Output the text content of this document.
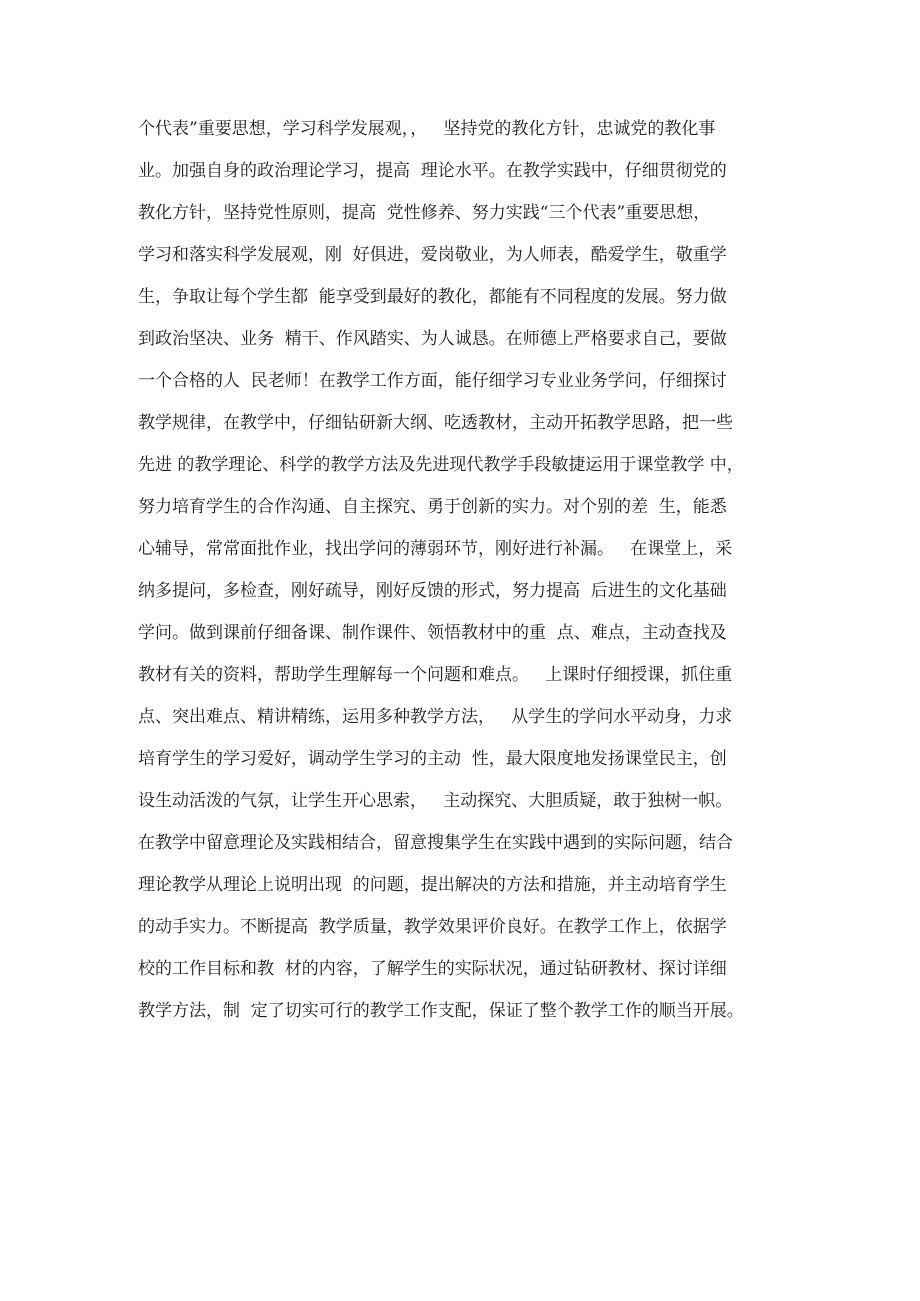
个代表”重要思想，学习科学发展观，，   坚持党的教化方针，忠诚党的教化事
业。加强自身的政治理论学习，提高  理论水平。在教学实践中，仔细贯彻党的
教化方针，坚持党性原则，提高  党性修养、努力实践“三个代表”重要思想，
学习和落实科学发展观，刚  好俱进，爱岗敬业，为人师表，酷爱学生，敬重学
生，争取让每个学生都  能享受到最好的教化，都能有不同程度的发展。努力做
到政治坚决、业务  精干、作风踏实、为人诚恳。在师德上严格要求自己，要做
一个合格的人  民老师！在教学工作方面，能仔细学习专业业务学问，仔细探讨
教学规律，在教学中，仔细钻研新大纲、吃透教材，主动开拓教学思路，把一些
先进 的教学理论、科学的教学方法及先进现代教学手段敏捷运用于课堂教学 中，
努力培育学生的合作沟通、自主探究、勇于创新的实力。对个别的差  生，能悉
心辅导，常常面批作业，找出学问的薄弱环节，刚好进行补漏。   在课堂上，采
纳多提问，多检查，刚好疏导，刚好反馈的形式，努力提高  后进生的文化基础
学问。做到课前仔细备课、制作课件、领悟教材中的重  点、难点，主动查找及
教材有关的资料，帮助学生理解每一个问题和难点。   上课时仔细授课，抓住重
点、突出难点、精讲精练，运用多种教学方法，   从学生的学问水平动身，力求
培育学生的学习爱好，调动学生学习的主动  性，最大限度地发扬课堂民主，创
设生动活泼的气氛，让学生开心思索，   主动探究、大胆质疑，敢于独树一帜。
在教学中留意理论及实践相结合，留意搜集学生在实践中遇到的实际问题，结合
理论教学从理论上说明出现  的问题，提出解决的方法和措施，并主动培育学生
的动手实力。不断提高  教学质量，教学效果评价良好。在教学工作上，依据学
校的工作目标和教  材的内容，了解学生的实际状况，通过钻研教材、探讨详细
教学方法，制  定了切实可行的教学工作支配，保证了整个教学工作的顺当开展。
